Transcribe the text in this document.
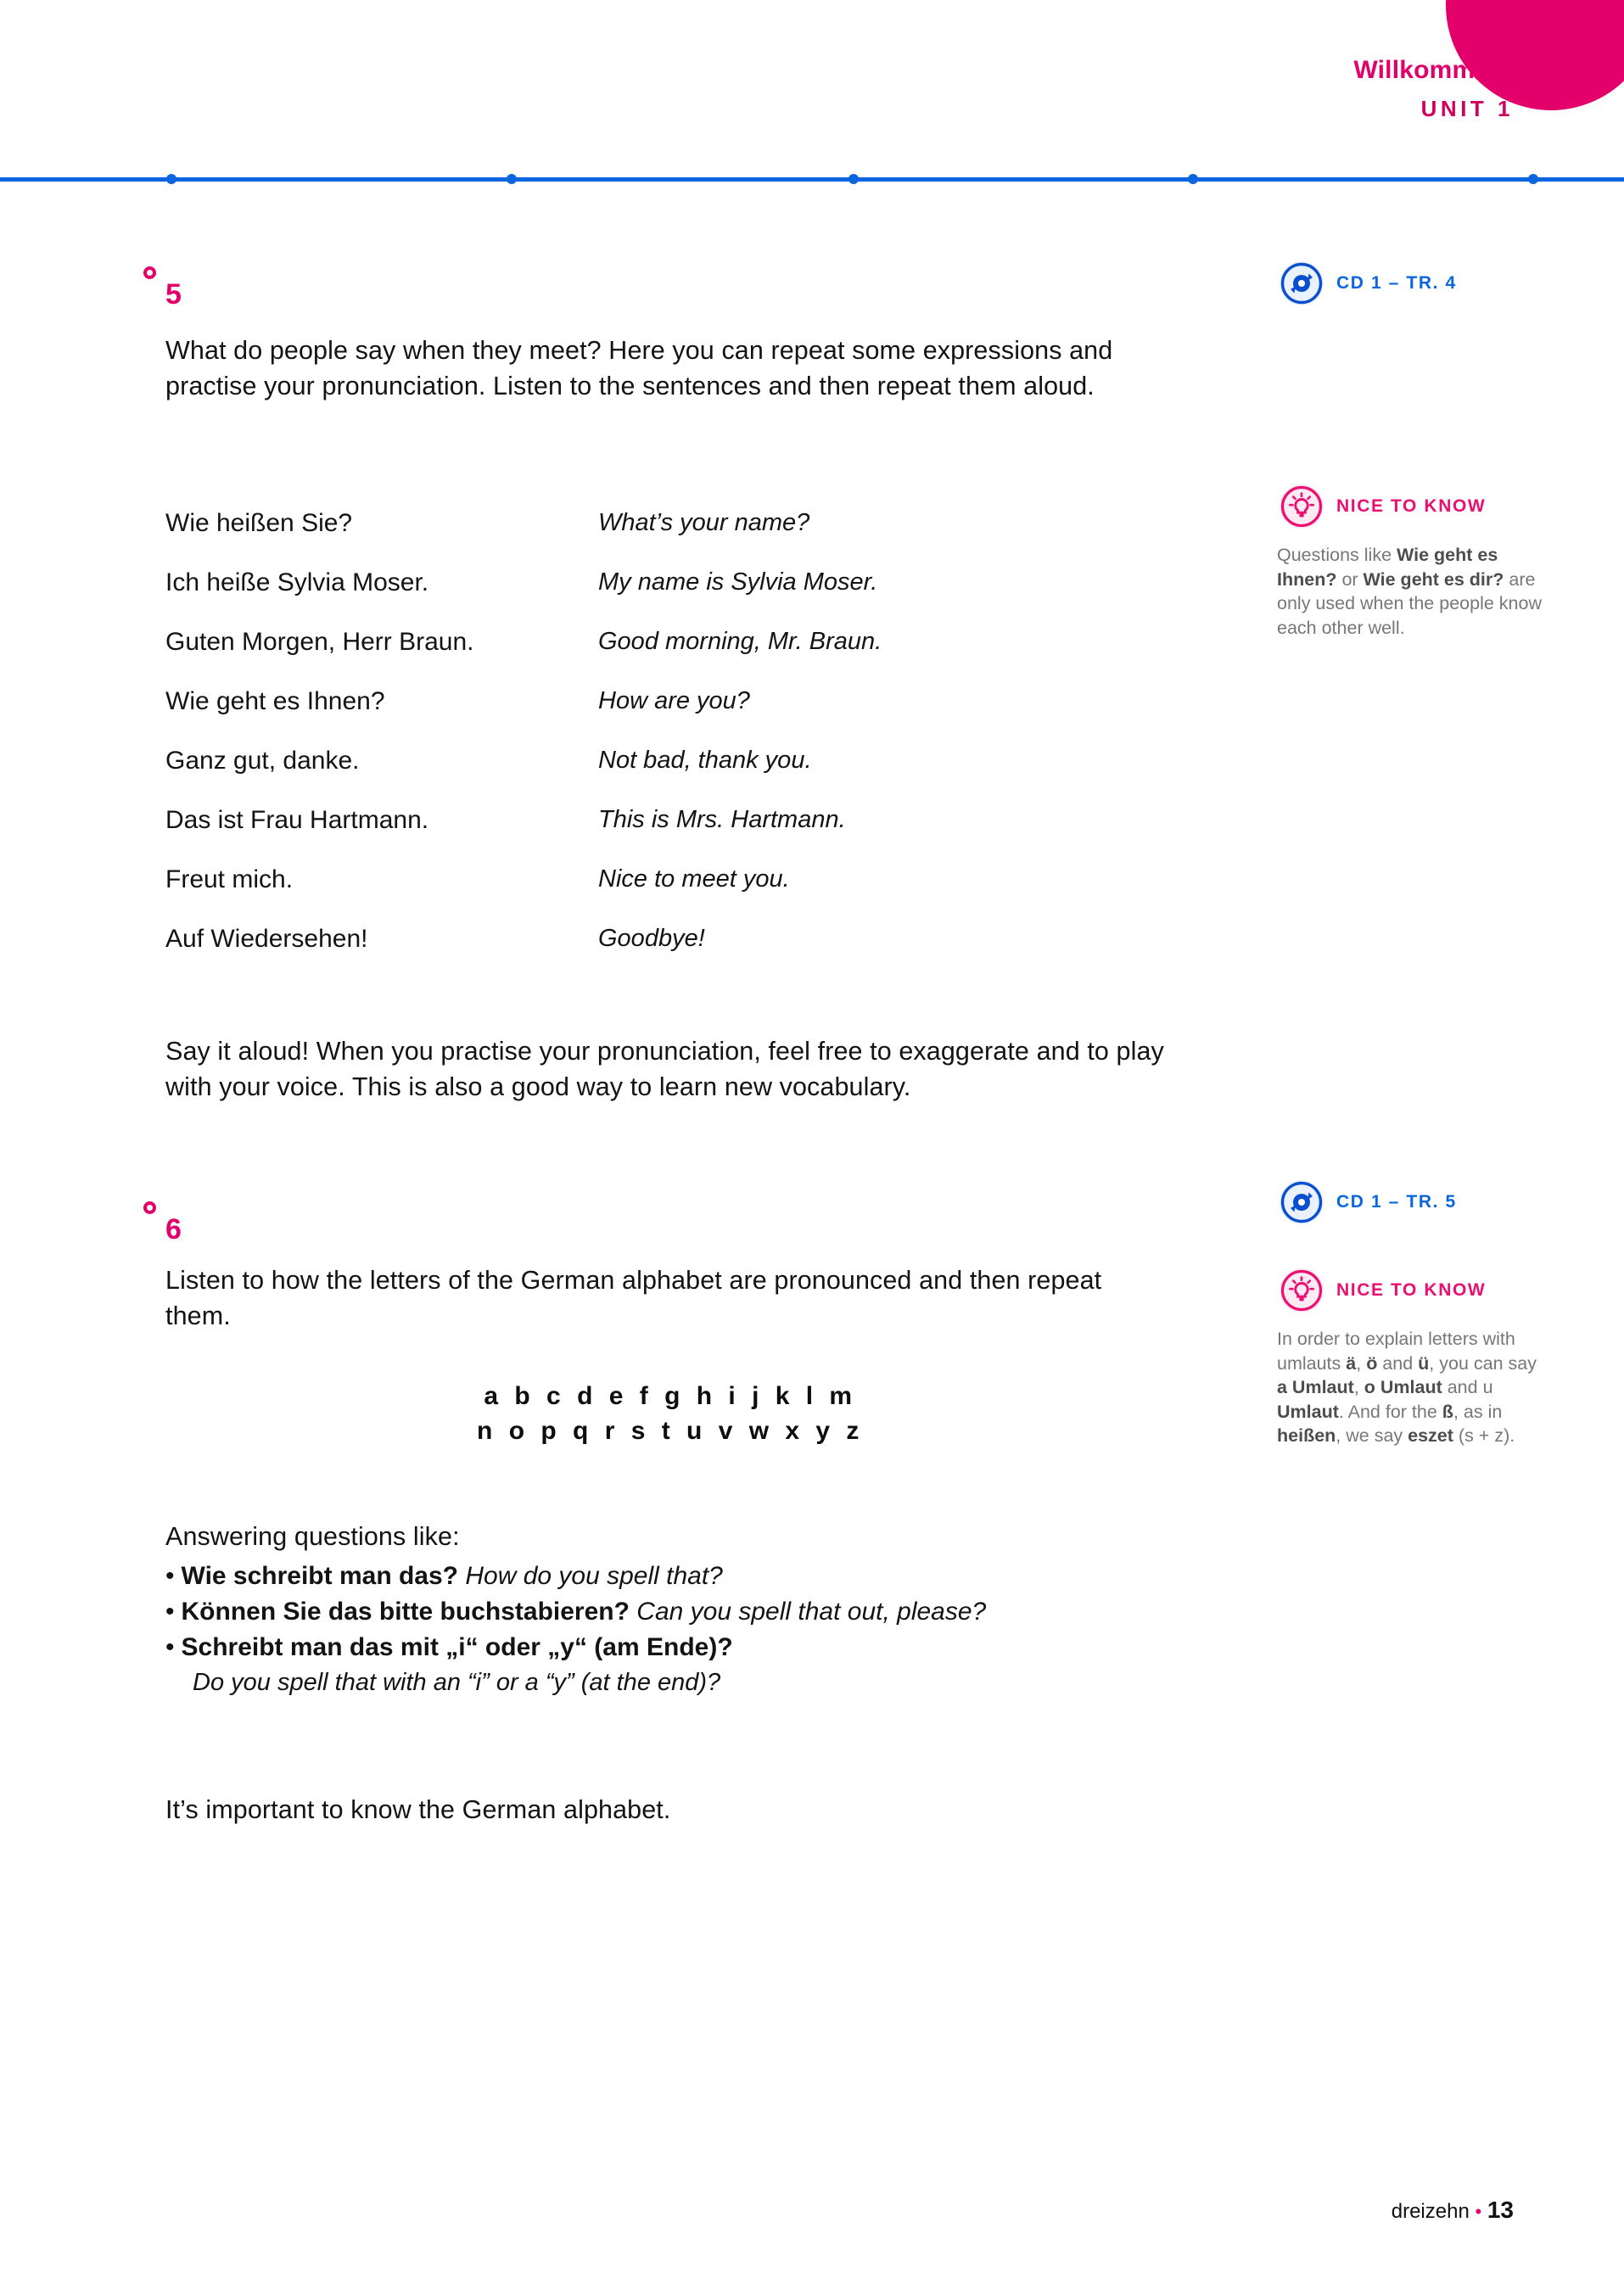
Willkommen!
UNIT 1
5
What do people say when they meet? Here you can repeat some expressions and practise your pronunciation. Listen to the sentences and then repeat them aloud.
Wie heißen Sie?	What’s your name?
Ich heiße Sylvia Moser.	My name is Sylvia Moser.
Guten Morgen, Herr Braun.	Good morning, Mr. Braun.
Wie geht es Ihnen?	How are you?
Ganz gut, danke.	Not bad, thank you.
Das ist Frau Hartmann.	This is Mrs. Hartmann.
Freut mich.	Nice to meet you.
Auf Wiedersehen!	Goodbye!
Say it aloud! When you practise your pronunciation, feel free to exaggerate and to play with your voice. This is also a good way to learn new vocabulary.
6
Listen to how the letters of the German alphabet are pronounced and then repeat them.
a b c d e f g h i j k l m
n o p q r s t u v w x y z
Answering questions like:
• Wie schreibt man das? How do you spell that?
• Können Sie das bitte buchstabieren? Can you spell that out, please?
• Schreibt man das mit „i“ oder „y“ (am Ende)?
Do you spell that with an “i” or a “y” (at the end)?
It’s important to know the German alphabet.
CD 1 – TR. 4
NICE TO KNOW
Questions like Wie geht es Ihnen? or Wie geht es dir? are only used when the people know each other well.
CD 1 – TR. 5
NICE TO KNOW
In order to explain letters with umlauts ä, ö and ü, you can say a Umlaut, o Umlaut and u Umlaut. And for the ß, as in heißen, we say eszet (s + z).
dreizehn • 13
